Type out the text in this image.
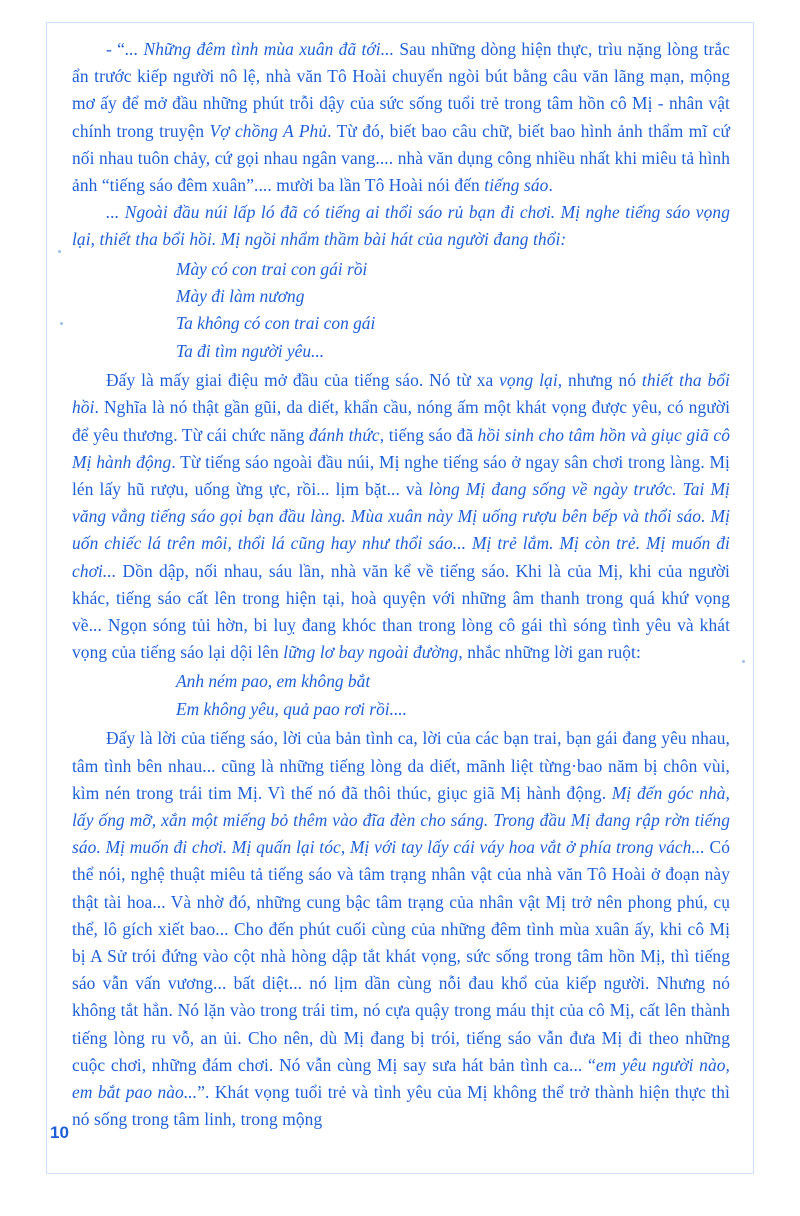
- “... Những đêm tình mùa xuân đã tới... Sau những dòng hiện thực, trìu nặng lòng trắc ẩn trước kiếp người nô lệ, nhà văn Tô Hoài chuyển ngòi bút bằng câu văn lãng mạn, mộng mơ ấy để mở đầu những phút trỗi dậy của sức sống tuổi trẻ trong tâm hồn cô Mị - nhân vật chính trong truyện Vợ chồng A Phủ. Từ đó, biết bao câu chữ, biết bao hình ảnh thẩm mĩ cứ nối nhau tuôn chảy, cứ gọi nhau ngân vang.... nhà văn dụng công nhiều nhất khi miêu tả hình ảnh “tiếng sáo đêm xuân”.... mười ba lần Tô Hoài nói đến tiếng sáo.

... Ngoài đầu núi lấp ló đã có tiếng ai thổi sáo rủ bạn đi chơi. Mị nghe tiếng sáo vọng lại, thiết tha bổi hồi. Mị ngồi nhẩm thầm bài hát của người đang thổi:

Mày có con trai con gái rồi

Mày đi làm nương

Ta không có con trai con gái

Ta đi tìm người yêu...

Đấy là mấy giai điệu mở đầu của tiếng sáo. Nó từ xa vọng lại, nhưng nó thiết tha bổi hồi. Nghĩa là nó thật gần gũi, da diết, khẩn cầu, nóng ấm một khát vọng được yêu, có người để yêu thương. Từ cái chức năng đánh thức, tiếng sáo đã hồi sinh cho tâm hồn và giục giã cô Mị hành động. Từ tiếng sáo ngoài đầu núi, Mị nghe tiếng sáo ở ngay sân chơi trong làng. Mị lén lấy hũ rượu, uống ừng ực, rồi... lịm bặt... và lòng Mị đang sống về ngày trước. Tai Mị văng vẳng tiếng sáo gọi bạn đầu làng. Mùa xuân này Mị uống rượu bên bếp và thổi sáo. Mị uốn chiếc lá trên môi, thổi lá cũng hay như thổi sáo... Mị trẻ lắm. Mị còn trẻ. Mị muốn đi chơi... Dồn dập, nối nhau, sáu lần, nhà văn kể về tiếng sáo. Khi là của Mị, khi của người khác, tiếng sáo cất lên trong hiện tại, hoà quyện với những âm thanh trong quá khứ vọng về... Ngọn sóng tủi hờn, bi luỵ đang khóc than trong lòng cô gái thì sóng tình yêu và khát vọng của tiếng sáo lại dội lên lững lơ bay ngoài đường, nhắc những lời gan ruột:

Anh ném pao, em không bắt

Em không yêu, quả pao rơi rồi....

Đấy là lời của tiếng sáo, lời của bản tình ca, lời của các bạn trai, bạn gái đang yêu nhau, tâm tình bên nhau... cũng là những tiếng lòng da diết, mãnh liệt từng·bao năm bị chôn vùi, kìm nén trong trái tim Mị. Vì thế nó đã thôi thúc, giục giã Mị hành động. Mị đến góc nhà, lấy ống mỡ, xắn một miếng bỏ thêm vào đĩa đèn cho sáng. Trong đầu Mị đang rập rờn tiếng sáo. Mị muốn đi chơi. Mị quấn lại tóc, Mị với tay lấy cái váy hoa vắt ở phía trong vách... Có thể nói, nghệ thuật miêu tả tiếng sáo và tâm trạng nhân vật của nhà văn Tô Hoài ở đoạn này thật tài hoa... Và nhờ đó, những cung bậc tâm trạng của nhân vật Mị trở nên phong phú, cụ thể, lô gích xiết bao... Cho đến phút cuối cùng của những đêm tình mùa xuân ấy, khi cô Mị bị A Sử trói đứng vào cột nhà hòng dập tắt khát vọng, sức sống trong tâm hồn Mị, thì tiếng sáo vẫn vấn vương... bất diệt... nó lịm dần cùng nỗi đau khổ của kiếp người. Nhưng nó không tắt hẳn. Nó lặn vào trong trái tim, nó cựa quậy trong máu thịt của cô Mị, cất lên thành tiếng lòng ru vỗ, an ủi. Cho nên, dù Mị đang bị trói, tiếng sáo vẫn đưa Mị đi theo những cuộc chơi, những đám chơi. Nó vẫn cùng Mị say sưa hát bản tình ca... “em yêu người nào, em bắt pao nào...”. Khát vọng tuổi trẻ và tình yêu của Mị không thể trở thành hiện thực thì nó sống trong tâm linh, trong mộng

10
